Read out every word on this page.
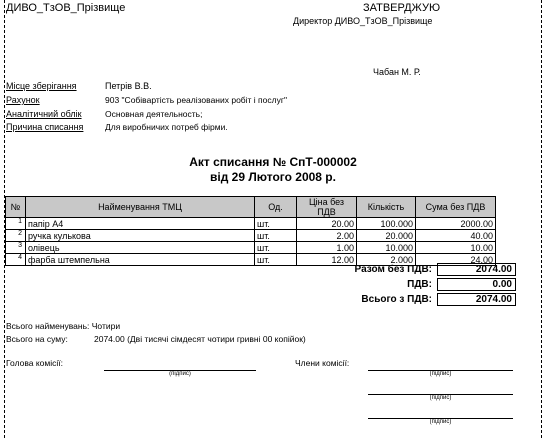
ДИВО_ТзОВ_Прізвище	ЗАТВЕРДЖУЮ
Директор ДИВО_ТзОВ_Прізвище
Чабан М. Р.
Місце зберігання	Петрів В.В.
Рахунок	903 "Собівартість реалізованих робіт і послуг"
Аналітичний облік	Основная деятельность;
Причина списання	Для виробничих потреб фірми.
Акт списання № СпТ-000002
від 29 Лютого 2008 р.
№	Найменування ТМЦ	Од.	Ціна без ПДВ	Кількість	Сума без ПДВ
1	папір А4	шт.	20.00	100.000	2000.00
2	ручка кулькова	шт.	2.00	20.000	40.00
3	олівець	шт.	1.00	10.000	10.00
4	фарба штемпельна	шт.	12.00	2.000	24.00
Разом без ПДВ:	2074.00
ПДВ:	0.00
Всього з ПДВ:	2074.00
Всього найменувань: Чотири
Всього на суму:	2074.00 (Дві тисячі сімдесят чотири гривні 00 копійок)
Голова комісії:	Члени комісії:
(підпис)	(підпис)
(підпис)
(підпис)
